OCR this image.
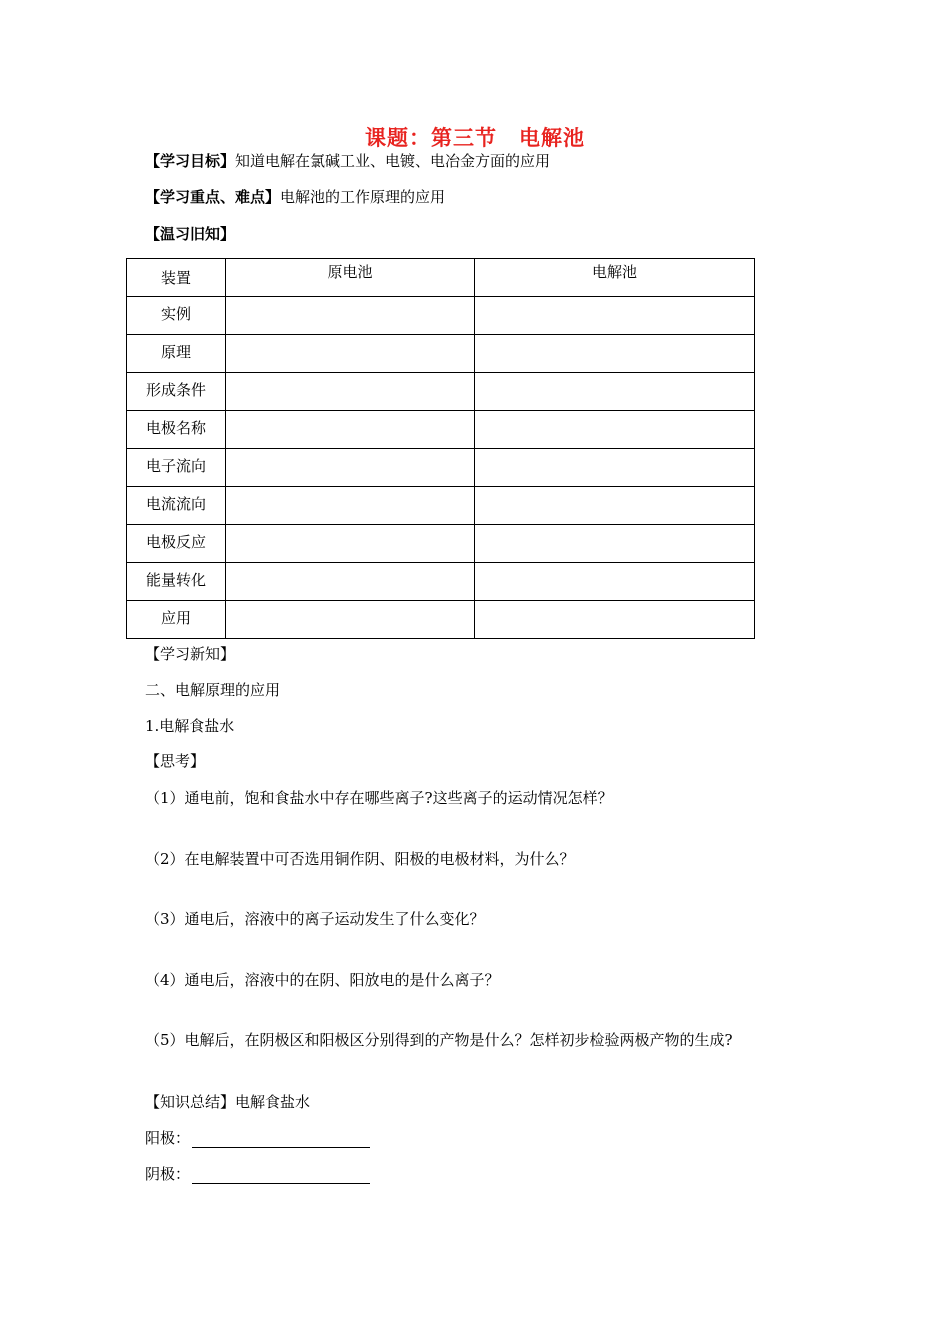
课题：第三节　电解池
【学习目标】知道电解在氯碱工业、电镀、电冶金方面的应用
【学习重点、难点】电解池的工作原理的应用
【温习旧知】
装置	原电池	电解池

实例		

原理		

形成条件		

电极名称		

电子流向		

电流流向		

电极反应		

能量转化		

应用		

【学习新知】
二、电解原理的应用
1.电解食盐水
【思考】
（1）通电前，饱和食盐水中存在哪些离子?这些离子的运动情况怎样？
（2）在电解装置中可否选用铜作阴、阳极的电极材料，为什么？
（3）通电后，溶液中的离子运动发生了什么变化？
（4）通电后，溶液中的在阴、阳放电的是什么离子？
（5）电解后，在阴极区和阳极区分别得到的产物是什么？怎样初步检验两极产物的生成?
【知识总结】电解食盐水
阳极：
阴极：
